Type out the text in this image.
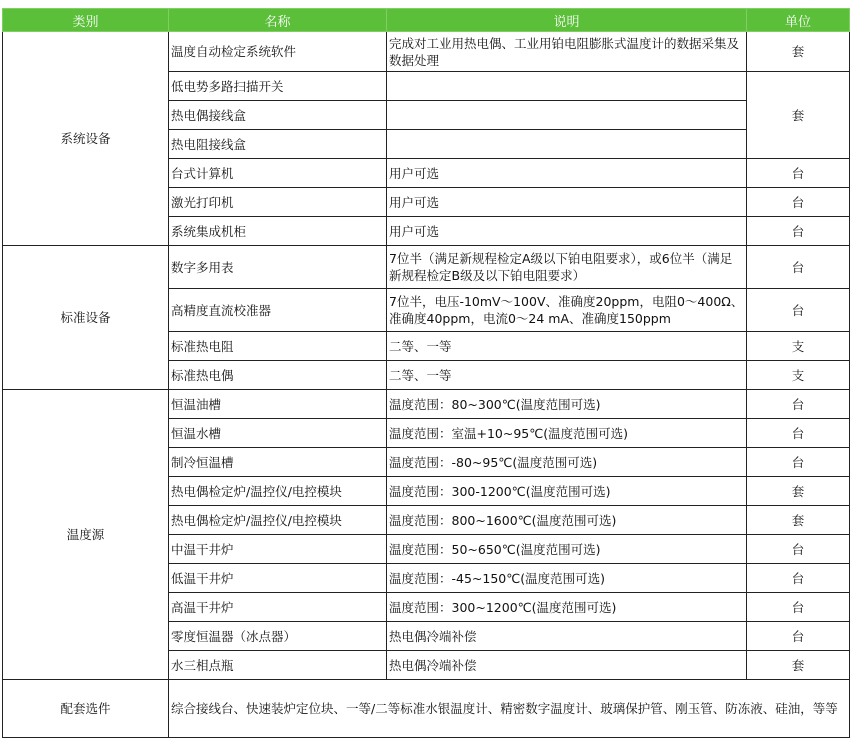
类别	名称	说明	单位
系统设备	温度自动检定系统软件	完成对工业用热电偶、工业用铂电阻膨胀式温度计的数据采集及数据处理	套
	低电势多路扫描开关		套
	热电偶接线盒		
	热电阻接线盒		
	台式计算机	用户可选	台
	激光打印机	用户可选	台
	系统集成机柜	用户可选	台
标准设备	数字多用表	7位半（满足新规程检定A级以下铂电阻要求），或6位半（满足新规程检定B级及以下铂电阻要求）	台
	高精度直流校准器	7位半，电压-10mV～100V、准确度20ppm，电阻0～400Ω、准确度40ppm，电流0～24 mA、准确度150ppm	台
	标准热电阻	二等、一等	支
	标准热电偶	二等、一等	支
温度源	恒温油槽	温度范围：80~300℃(温度范围可选)	台
	恒温水槽	温度范围：室温+10~95℃(温度范围可选)	台
	制冷恒温槽	温度范围：-80~95℃(温度范围可选)	台
	热电偶检定炉/温控仪/电控模块	温度范围：300-1200℃(温度范围可选)	套
	热电偶检定炉/温控仪/电控模块	温度范围：800~1600℃(温度范围可选)	套
	中温干井炉	温度范围：50~650℃(温度范围可选)	台
	低温干井炉	温度范围：-45~150℃(温度范围可选)	台
	高温干井炉	温度范围：300~1200℃(温度范围可选)	台
	零度恒温器（冰点器）	热电偶冷端补偿	台
	水三相点瓶	热电偶冷端补偿	套
配套选件	综合接线台、快速装炉定位块、一等/二等标准水银温度计、精密数字温度计、玻璃保护管、刚玉管、防冻液、硅油，等等		
